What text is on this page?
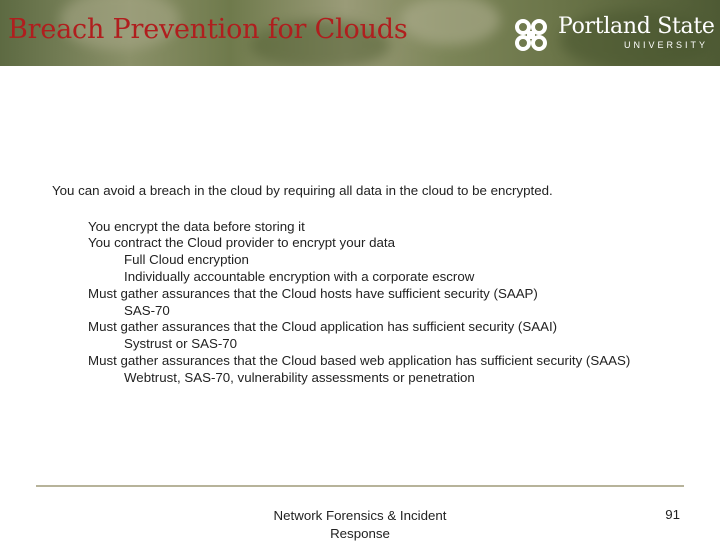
Breach Prevention for Clouds	Portland State
UNIVERSITY
You can avoid a breach in the cloud by requiring all data in the cloud to be encrypted.
You encrypt the data before storing it
You contract the Cloud provider to encrypt your data
Full Cloud encryption
Individually accountable encryption with a corporate escrow
Must gather assurances that the Cloud hosts have sufficient security (SAAP)
SAS-70
Must gather assurances that the Cloud application has sufficient security (SAAI)
Systrust or SAS-70
Must gather assurances that the Cloud based web application has sufficient security (SAAS)
Webtrust, SAS-70, vulnerability assessments or penetration
Network Forensics & Incident
Response
91
